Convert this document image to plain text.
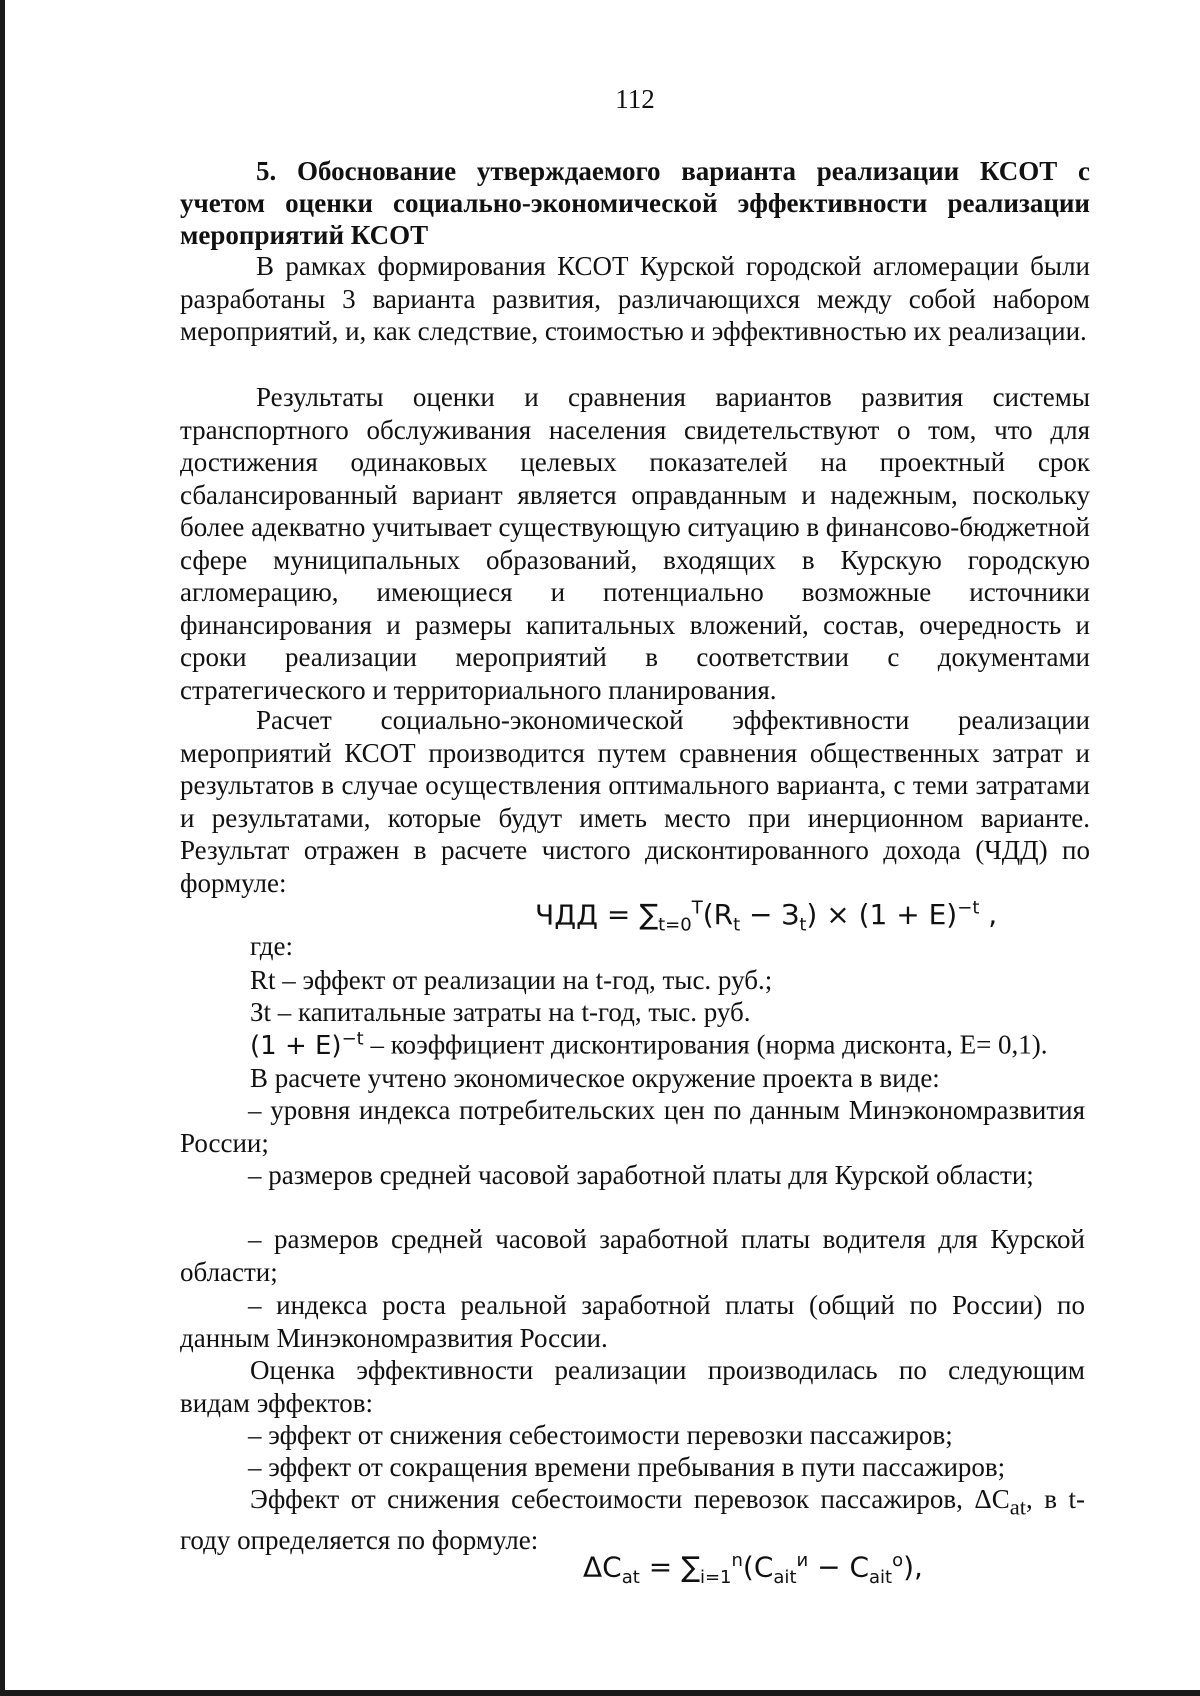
112
5. Обоснование утверждаемого варианта реализации КСОТ с учетом оценки социально-экономической эффективности реализации мероприятий КСОТ

В рамках формирования КСОТ Курской городской агломерации были разработаны 3 варианта развития, различающихся между собой набором мероприятий, и, как следствие, стоимостью и эффективностью их реализации.

Результаты оценки и сравнения вариантов развития системы транспортного обслуживания населения свидетельствуют о том, что для достижения одинаковых целевых показателей на проектный срок сбалансированный вариант является оправданным и надежным, поскольку более адекватно учитывает существующую ситуацию в финансово-бюджетной сфере муниципальных образований, входящих в Курскую городскую агломерацию, имеющиеся и потенциально возможные источники финансирования и размеры капитальных вложений, состав, очередность и сроки реализации мероприятий в соответствии с документами стратегического и территориального планирования.

Расчет социально-экономической эффективности реализации мероприятий КСОТ производится путем сравнения общественных затрат и результатов в случае осуществления оптимального варианта, с теми затратами и результатами, которые будут иметь место при инерционном варианте. Результат отражен в расчете чистого дисконтированного дохода (ЧДД) по формуле:

ЧДД = $\sum_{t=0}^T(R_t - З_t) \times (1 + E)^{-t}$ ,
где:
Rt – эффект от реализации на t-год, тыс. руб.;
Зt – капитальные затраты на t-год, тыс. руб.
$(1 + E)^{-t}$ – коэффициент дисконтирования (норма дисконта, Е= 0,1).
В расчете учтено экономическое окружение проекта в виде:
– уровня индекса потребительских цен по данным Минэкономразвития России;
– размеров средней часовой заработной платы для Курской области;
– размеров средней часовой заработной платы водителя для Курской области;
– индекса роста реальной заработной платы (общий по России) по данным Минэкономразвития России.
Оценка эффективности реализации производилась по следующим видам эффектов:
– эффект от снижения себестоимости перевозки пассажиров;
– эффект от сокращения времени пребывания в пути пассажиров;
Эффект от снижения себестоимости перевозок пассажиров, $\Delta C_{at}$, в t-году определяется по формуле:
$\Delta C_{at} = \sum_{i=1}^n(C_{ait}^и - C_{ait}^о)$,
